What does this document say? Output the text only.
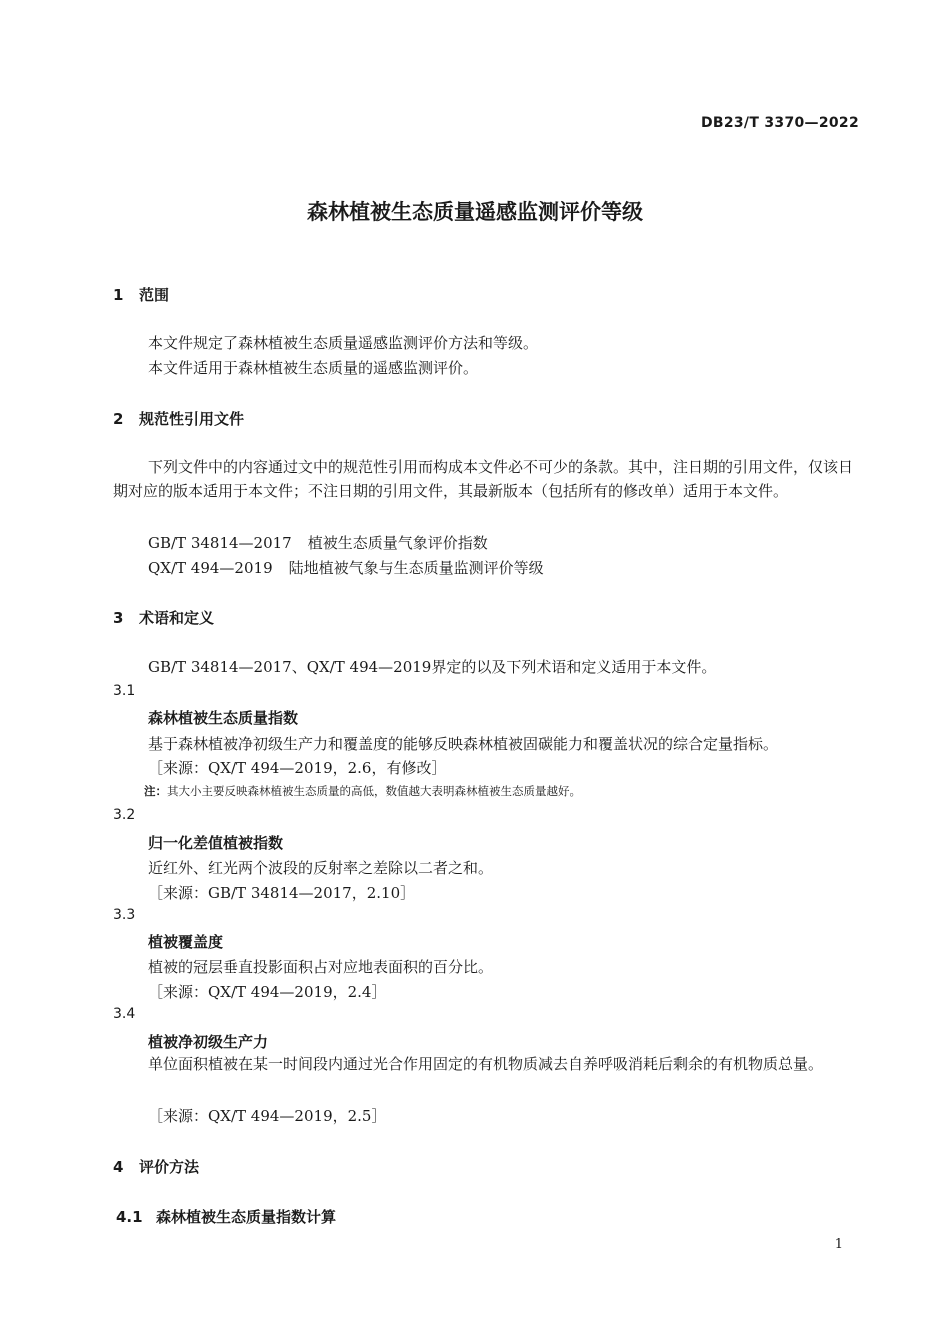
DB23/T 3370—2022
森林植被生态质量遥感监测评价等级
1 范围
本文件规定了森林植被生态质量遥感监测评价方法和等级。
本文件适用于森林植被生态质量的遥感监测评价。
2 规范性引用文件
下列文件中的内容通过文中的规范性引用而构成本文件必不可少的条款。其中，注日期的引用文件，仅该日期对应的版本适用于本文件；不注日期的引用文件，其最新版本（包括所有的修改单）适用于本文件。
GB/T 34814—2017 植被生态质量气象评价指数
QX/T 494—2019 陆地植被气象与生态质量监测评价等级
3 术语和定义
GB/T 34814—2017、QX/T 494—2019界定的以及下列术语和定义适用于本文件。
3.1
森林植被生态质量指数
基于森林植被净初级生产力和覆盖度的能够反映森林植被固碳能力和覆盖状况的综合定量指标。
［来源：QX/T 494—2019，2.6，有修改］
注：其大小主要反映森林植被生态质量的高低，数值越大表明森林植被生态质量越好。
3.2
归一化差值植被指数
近红外、红光两个波段的反射率之差除以二者之和。
［来源：GB/T 34814—2017，2.10］
3.3
植被覆盖度
植被的冠层垂直投影面积占对应地表面积的百分比。
［来源：QX/T 494—2019，2.4］
3.4
植被净初级生产力
单位面积植被在某一时间段内通过光合作用固定的有机物质减去自养呼吸消耗后剩余的有机物质总量。
［来源：QX/T 494—2019，2.5］
4 评价方法
4.1 森林植被生态质量指数计算
1
